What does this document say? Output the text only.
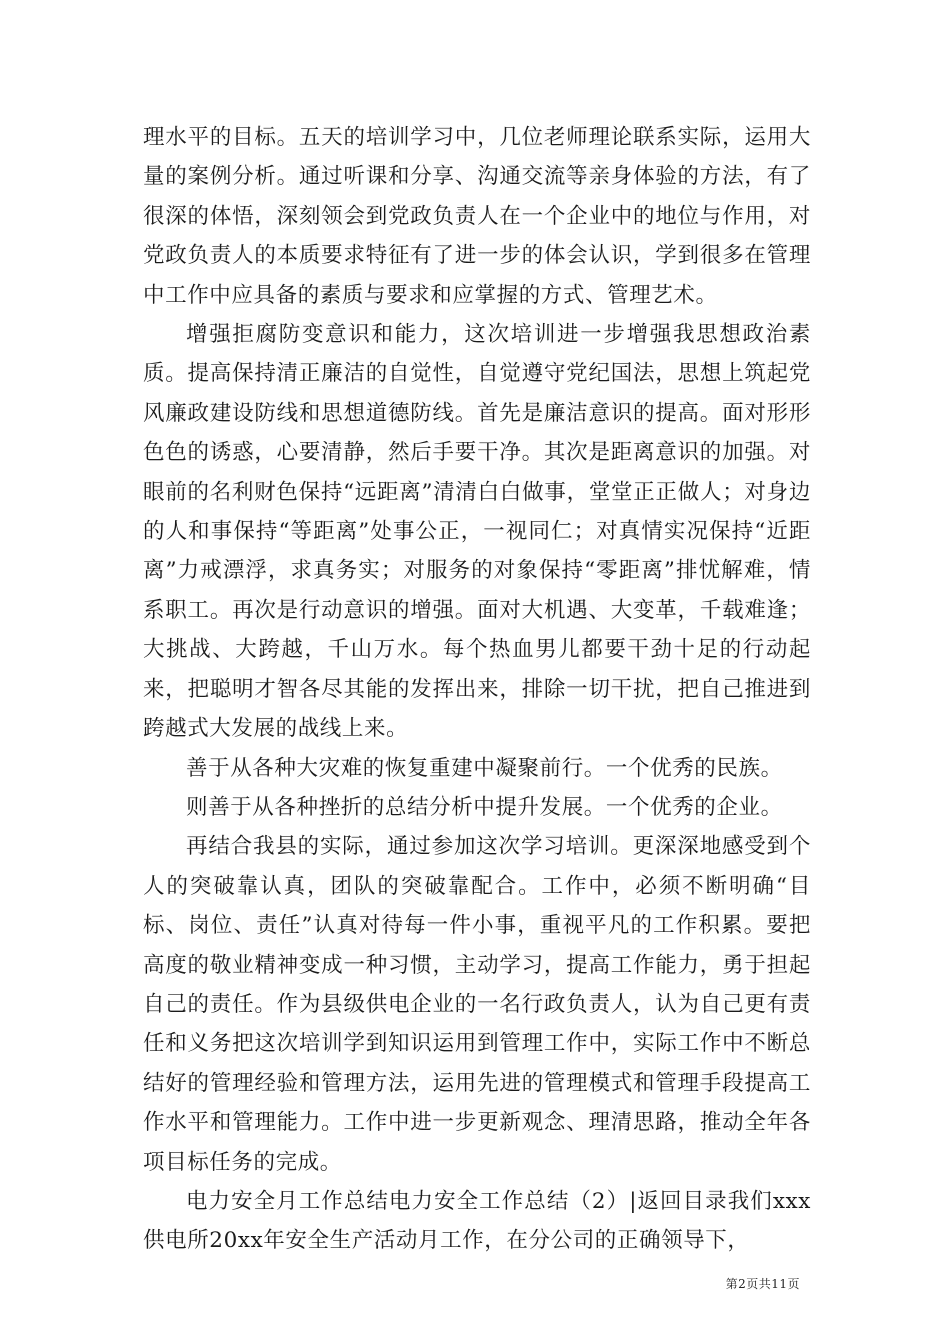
理水平的目标。五天的培训学习中，几位老师理论联系实际，运用大量的案例分析。通过听课和分享、沟通交流等亲身体验的方法，有了很深的体悟，深刻领会到党政负责人在一个企业中的地位与作用，对党政负责人的本质要求特征有了进一步的体会认识，学到很多在管理中工作中应具备的素质与要求和应掌握的方式、管理艺术。

增强拒腐防变意识和能力，这次培训进一步增强我思想政治素质。提高保持清正廉洁的自觉性，自觉遵守党纪国法，思想上筑起党风廉政建设防线和思想道德防线。首先是廉洁意识的提高。面对形形色色的诱惑，心要清静，然后手要干净。其次是距离意识的加强。对眼前的名利财色保持“远距离”清清白白做事，堂堂正正做人；对身边的人和事保持“等距离”处事公正，一视同仁；对真情实况保持“近距离”力戒漂浮，求真务实；对服务的对象保持“零距离”排忧解难，情系职工。再次是行动意识的增强。面对大机遇、大变革，千载难逢；大挑战、大跨越，千山万水。每个热血男儿都要干劲十足的行动起来，把聪明才智各尽其能的发挥出来，排除一切干扰，把自己推进到跨越式大发展的战线上来。

善于从各种大灾难的恢复重建中凝聚前行。一个优秀的民族。

则善于从各种挫折的总结分析中提升发展。一个优秀的企业。

再结合我县的实际，通过参加这次学习培训。更深深地感受到个人的突破靠认真，团队的突破靠配合。工作中，必须不断明确“目标、岗位、责任”认真对待每一件小事，重视平凡的工作积累。要把高度的敬业精神变成一种习惯，主动学习，提高工作能力，勇于担起自己的责任。作为县级供电企业的一名行政负责人，认为自己更有责任和义务把这次培训学到知识运用到管理工作中，实际工作中不断总结好的管理经验和管理方法，运用先进的管理模式和管理手段提高工作水平和管理能力。工作中进一步更新观念、理清思路，推动全年各项目标任务的完成。

电力安全月工作总结电力安全工作总结（2）|返回目录我们xxx供电所20xx年安全生产活动月工作，在分公司的正确领导下，

第2页共11页
